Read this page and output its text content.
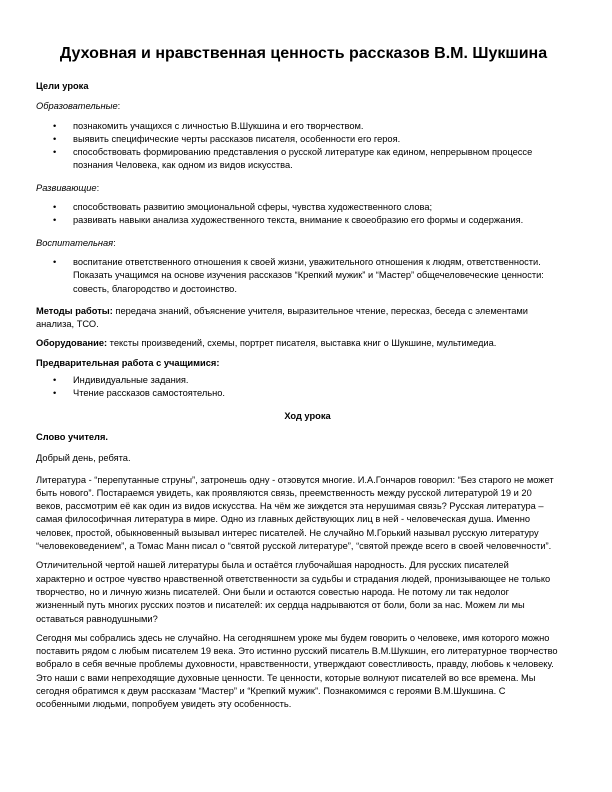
Духовная и нравственная ценность рассказов В.М. Шукшина

Цели урока

Образовательные:

• познакомить учащихся с личностью В.Шукшина и его творчеством.
• выявить специфические черты рассказов писателя, особенности его героя.
• способствовать формированию представления о русской литературе как едином, непрерывном процессе познания Человека, как одном из видов искусства.

Развивающие:

• способствовать развитию эмоциональной сферы, чувства художественного слова;
• развивать навыки анализа художественного текста, внимание к своеобразию его формы и содержания.

Воспитательная:

• воспитание ответственного отношения к своей жизни, уважительного отношения к людям, ответственности. Показать учащимся на основе изучения рассказов “Крепкий мужик” и “Мастер” общечеловеческие ценности: совесть, благородство и достоинство.

Методы работы: передача знаний, объяснение учителя, выразительное чтение, пересказ, беседа с элементами анализа, ТСО.

Оборудование: тексты произведений, схемы, портрет писателя, выставка книг о Шукшине, мультимедиа.

Предварительная работа с учащимися:

• Индивидуальные задания.
• Чтение рассказов самостоятельно.

Ход урока

Слово учителя.

Добрый день, ребята.

Литература - “перепутанные струны”, затронешь одну - отзовутся многие. И.А.Гончаров говорил: “Без старого не может быть нового”. Постараемся увидеть, как проявляются связь, преемственность между русской литературой 19 и 20 веков, рассмотрим её как один из видов искусства. На чём же зиждется эта нерушимая связь? Русская литература – самая философичная литература в мире. Одно из главных действующих лиц в ней - человеческая душа. Именно человек, простой, обыкновенный вызывал интерес писателей. Не случайно М.Горький называл русскую литературу “человековедением”, а Томас Манн писал о “святой русской литературе”, “святой прежде всего в своей человечности”.

Отличительной чертой нашей литературы была и остаётся глубочайшая народность. Для русских писателей характерно и острое чувство нравственной ответственности за судьбы и страдания людей, пронизывающее не только творчество, но и личную жизнь писателей. Они были и остаются совестью народа. Не потому ли так недолог жизненный путь многих русских поэтов и писателей: их сердца надрываются от боли, боли за нас. Можем ли мы оставаться равнодушными?

Сегодня мы собрались здесь не случайно. На сегодняшнем уроке мы будем говорить о человеке, имя которого можно поставить рядом с любым писателем 19 века. Это истинно русский писатель В.М.Шукшин, его литературное творчество вобрало в себя вечные проблемы духовности, нравственности, утверждают совестливость, правду, любовь к человеку. Это наши с вами непреходящие духовные ценности. Те ценности, которые волнуют писателей во все времена. Мы сегодня обратимся к двум рассказам “Мастер” и “Крепкий мужик”. Познакомимся с героями В.М.Шукшина. С особенными людьми, попробуем увидеть эту особенность.
